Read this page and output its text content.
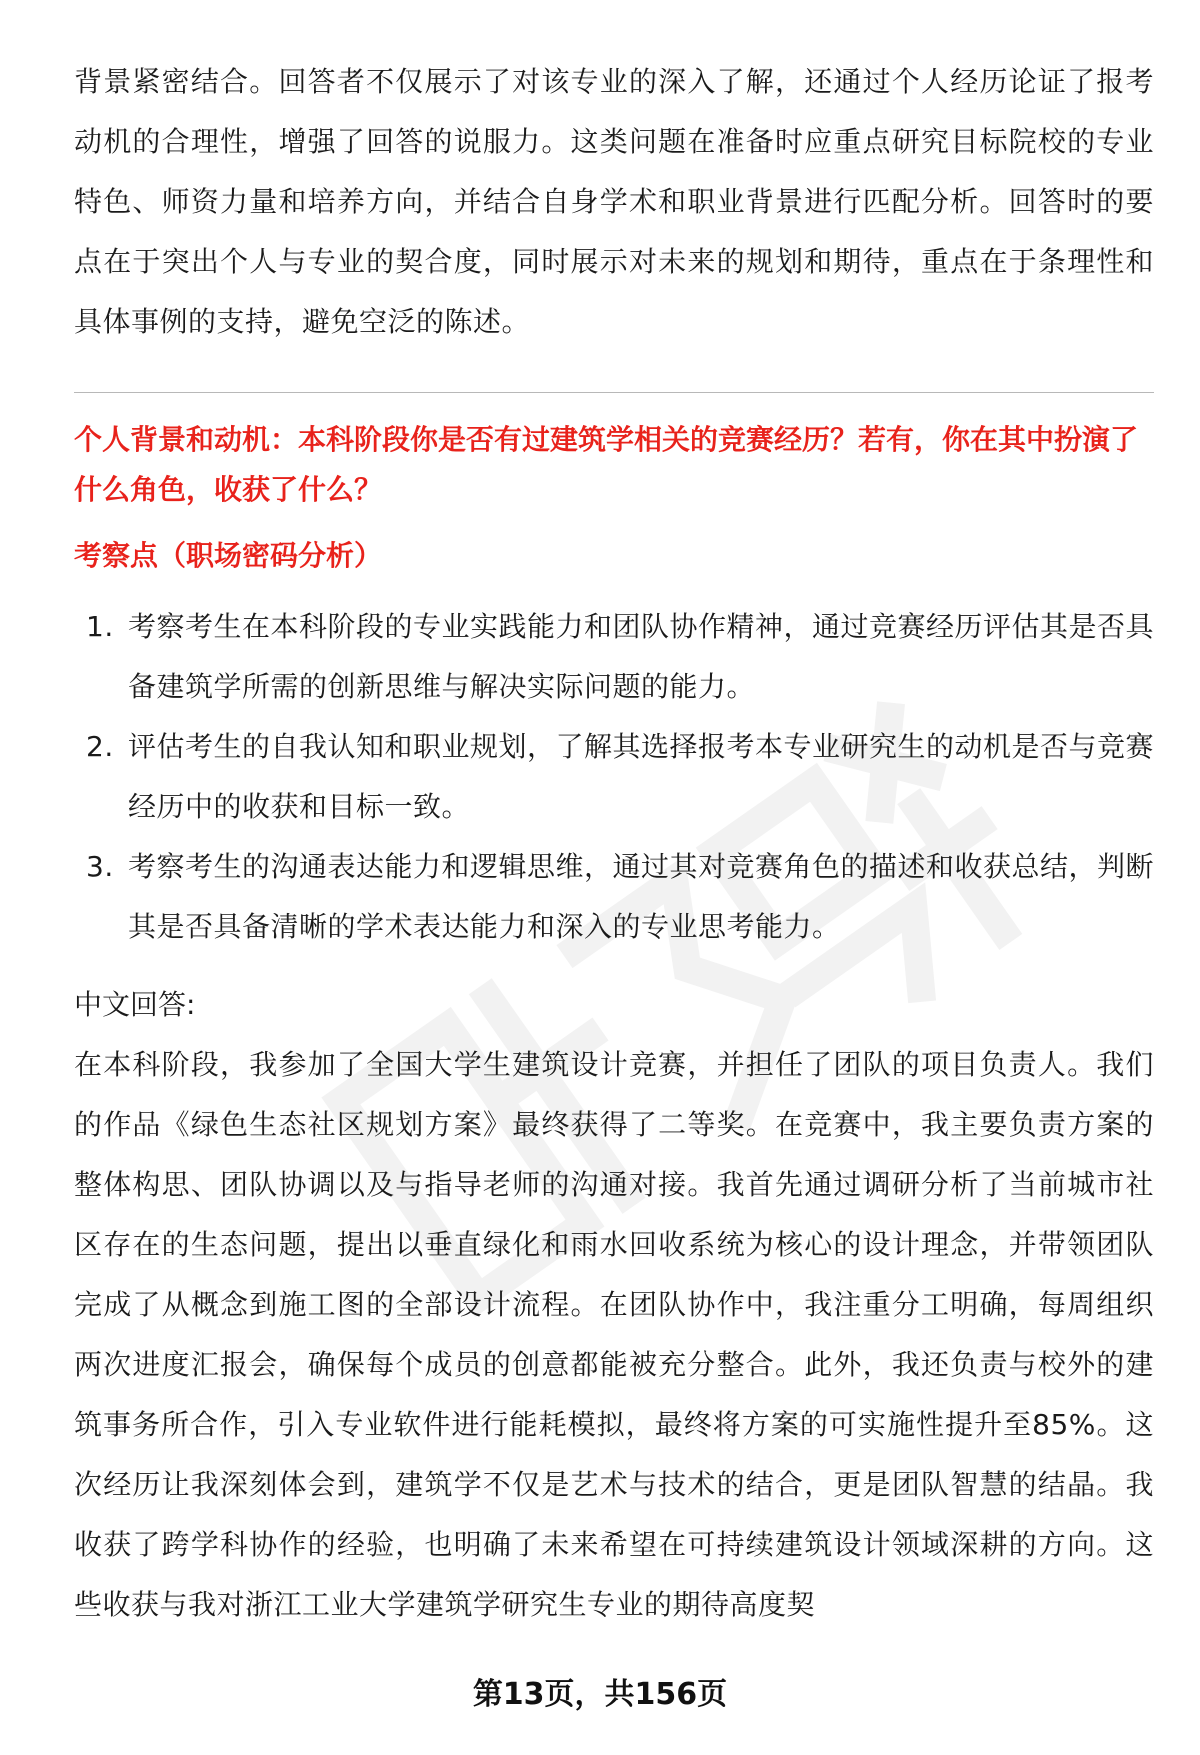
背景紧密结合。回答者不仅展示了对该专业的深入了解，还通过个人经历论证了报考动机的合理性，增强了回答的说服力。这类问题在准备时应重点研究目标院校的专业特色、师资力量和培养方向，并结合自身学术和职业背景进行匹配分析。回答时的要点在于突出个人与专业的契合度，同时展示对未来的规划和期待，重点在于条理性和具体事例的支持，避免空泛的陈述。

个人背景和动机：本科阶段你是否有过建筑学相关的竞赛经历？若有，你在其中扮演了什么角色，收获了什么？

考察点（职场密码分析）

1. 考察考生在本科阶段的专业实践能力和团队协作精神，通过竞赛经历评估其是否具备建筑学所需的创新思维与解决实际问题的能力。
2. 评估考生的自我认知和职业规划，了解其选择报考本专业研究生的动机是否与竞赛经历中的收获和目标一致。
3. 考察考生的沟通表达能力和逻辑思维，通过其对竞赛角色的描述和收获总结，判断其是否具备清晰的学术表达能力和深入的专业思考能力。

中文回答:

在本科阶段，我参加了全国大学生建筑设计竞赛，并担任了团队的项目负责人。我们的作品《绿色生态社区规划方案》最终获得了二等奖。在竞赛中，我主要负责方案的整体构思、团队协调以及与指导老师的沟通对接。我首先通过调研分析了当前城市社区存在的生态问题，提出以垂直绿化和雨水回收系统为核心的设计理念，并带领团队完成了从概念到施工图的全部设计流程。在团队协作中，我注重分工明确，每周组织两次进度汇报会，确保每个成员的创意都能被充分整合。此外，我还负责与校外的建筑事务所合作，引入专业软件进行能耗模拟，最终将方案的可实施性提升至85%。这次经历让我深刻体会到，建筑学不仅是艺术与技术的结合，更是团队智慧的结晶。我收获了跨学科协作的经验，也明确了未来希望在可持续建筑设计领域深耕的方向。这些收获与我对浙江工业大学建筑学研究生专业的期待高度契

第13页，共156页
